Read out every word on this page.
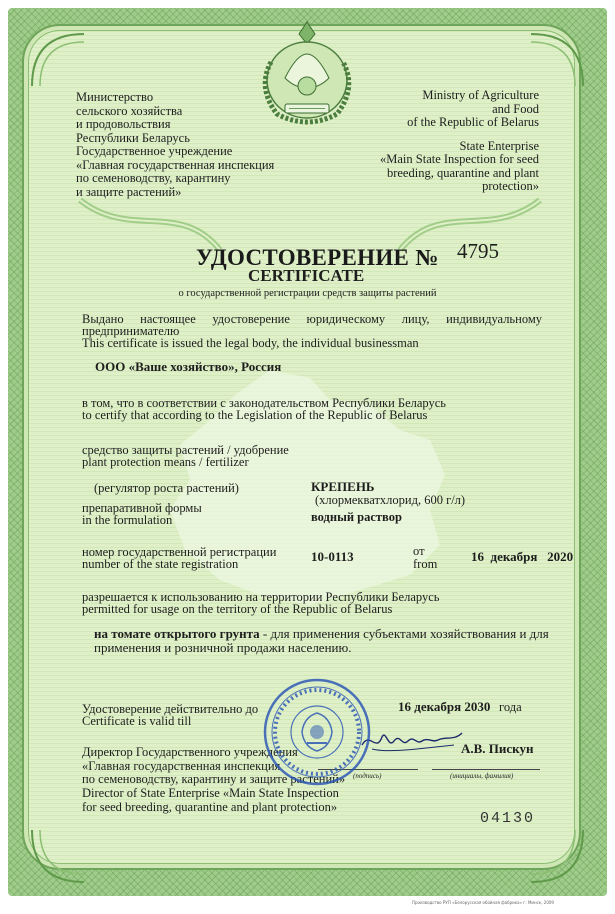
Министерство
сельского хозяйства
и продовольствия
Республики Беларусь
Государственное учреждение
«Главная государственная инспекция
по семеноводству, карантину
и защите растений»
Ministry of Agriculture
and Food
of the Republic of Belarus
State Enterprise
«Main State Inspection for seed
breeding, quarantine and plant
protection»
УДОСТОВЕРЕНИЕ № 4795
CERTIFICATE
о государственной регистрации средств защиты растений
Выдано настоящее удостоверение юридическому лицу, индивидуальному
предпринимателю
This certificate is issued the legal body, the individual businessman
ООО «Ваше хозяйство», Россия
в том, что в соответствии с законодательством Республики Беларусь
to certify that according to the Legislation of the Republic of Belarus
средство защиты растений / удобрение
plant protection means / fertilizer
(регулятор роста растений)	КРЕПЕНЬ
(хлормекватхлорид, 600 г/л)
препаративной формы
in the formulation	водный раствор
номер государственной регистрации
number of the state registration	10-0113	от
from	16  декабря   2020
разрешается к использованию на территории Республики Беларусь
permitted for usage on the territory of the Republic of Belarus
на томате открытого грунта - для применения субъектами хозяйствования и для
применения и розничной продажи населению.
Удостоверение действительно до
Certificate is valid till
16 декабря 2030 года
Директор Государственного учреждения
«Главная государственная инспекция
по семеноводству, карантину и защите растений»
Director of State Enterprise «Main State Inspection
for seed breeding, quarantine and plant protection»
(подпись)	(инициалы, фамилия)
А.В. Пискун
04130
Производство РУП «Белорусская обойная фабрика» г. Минск, 2009
